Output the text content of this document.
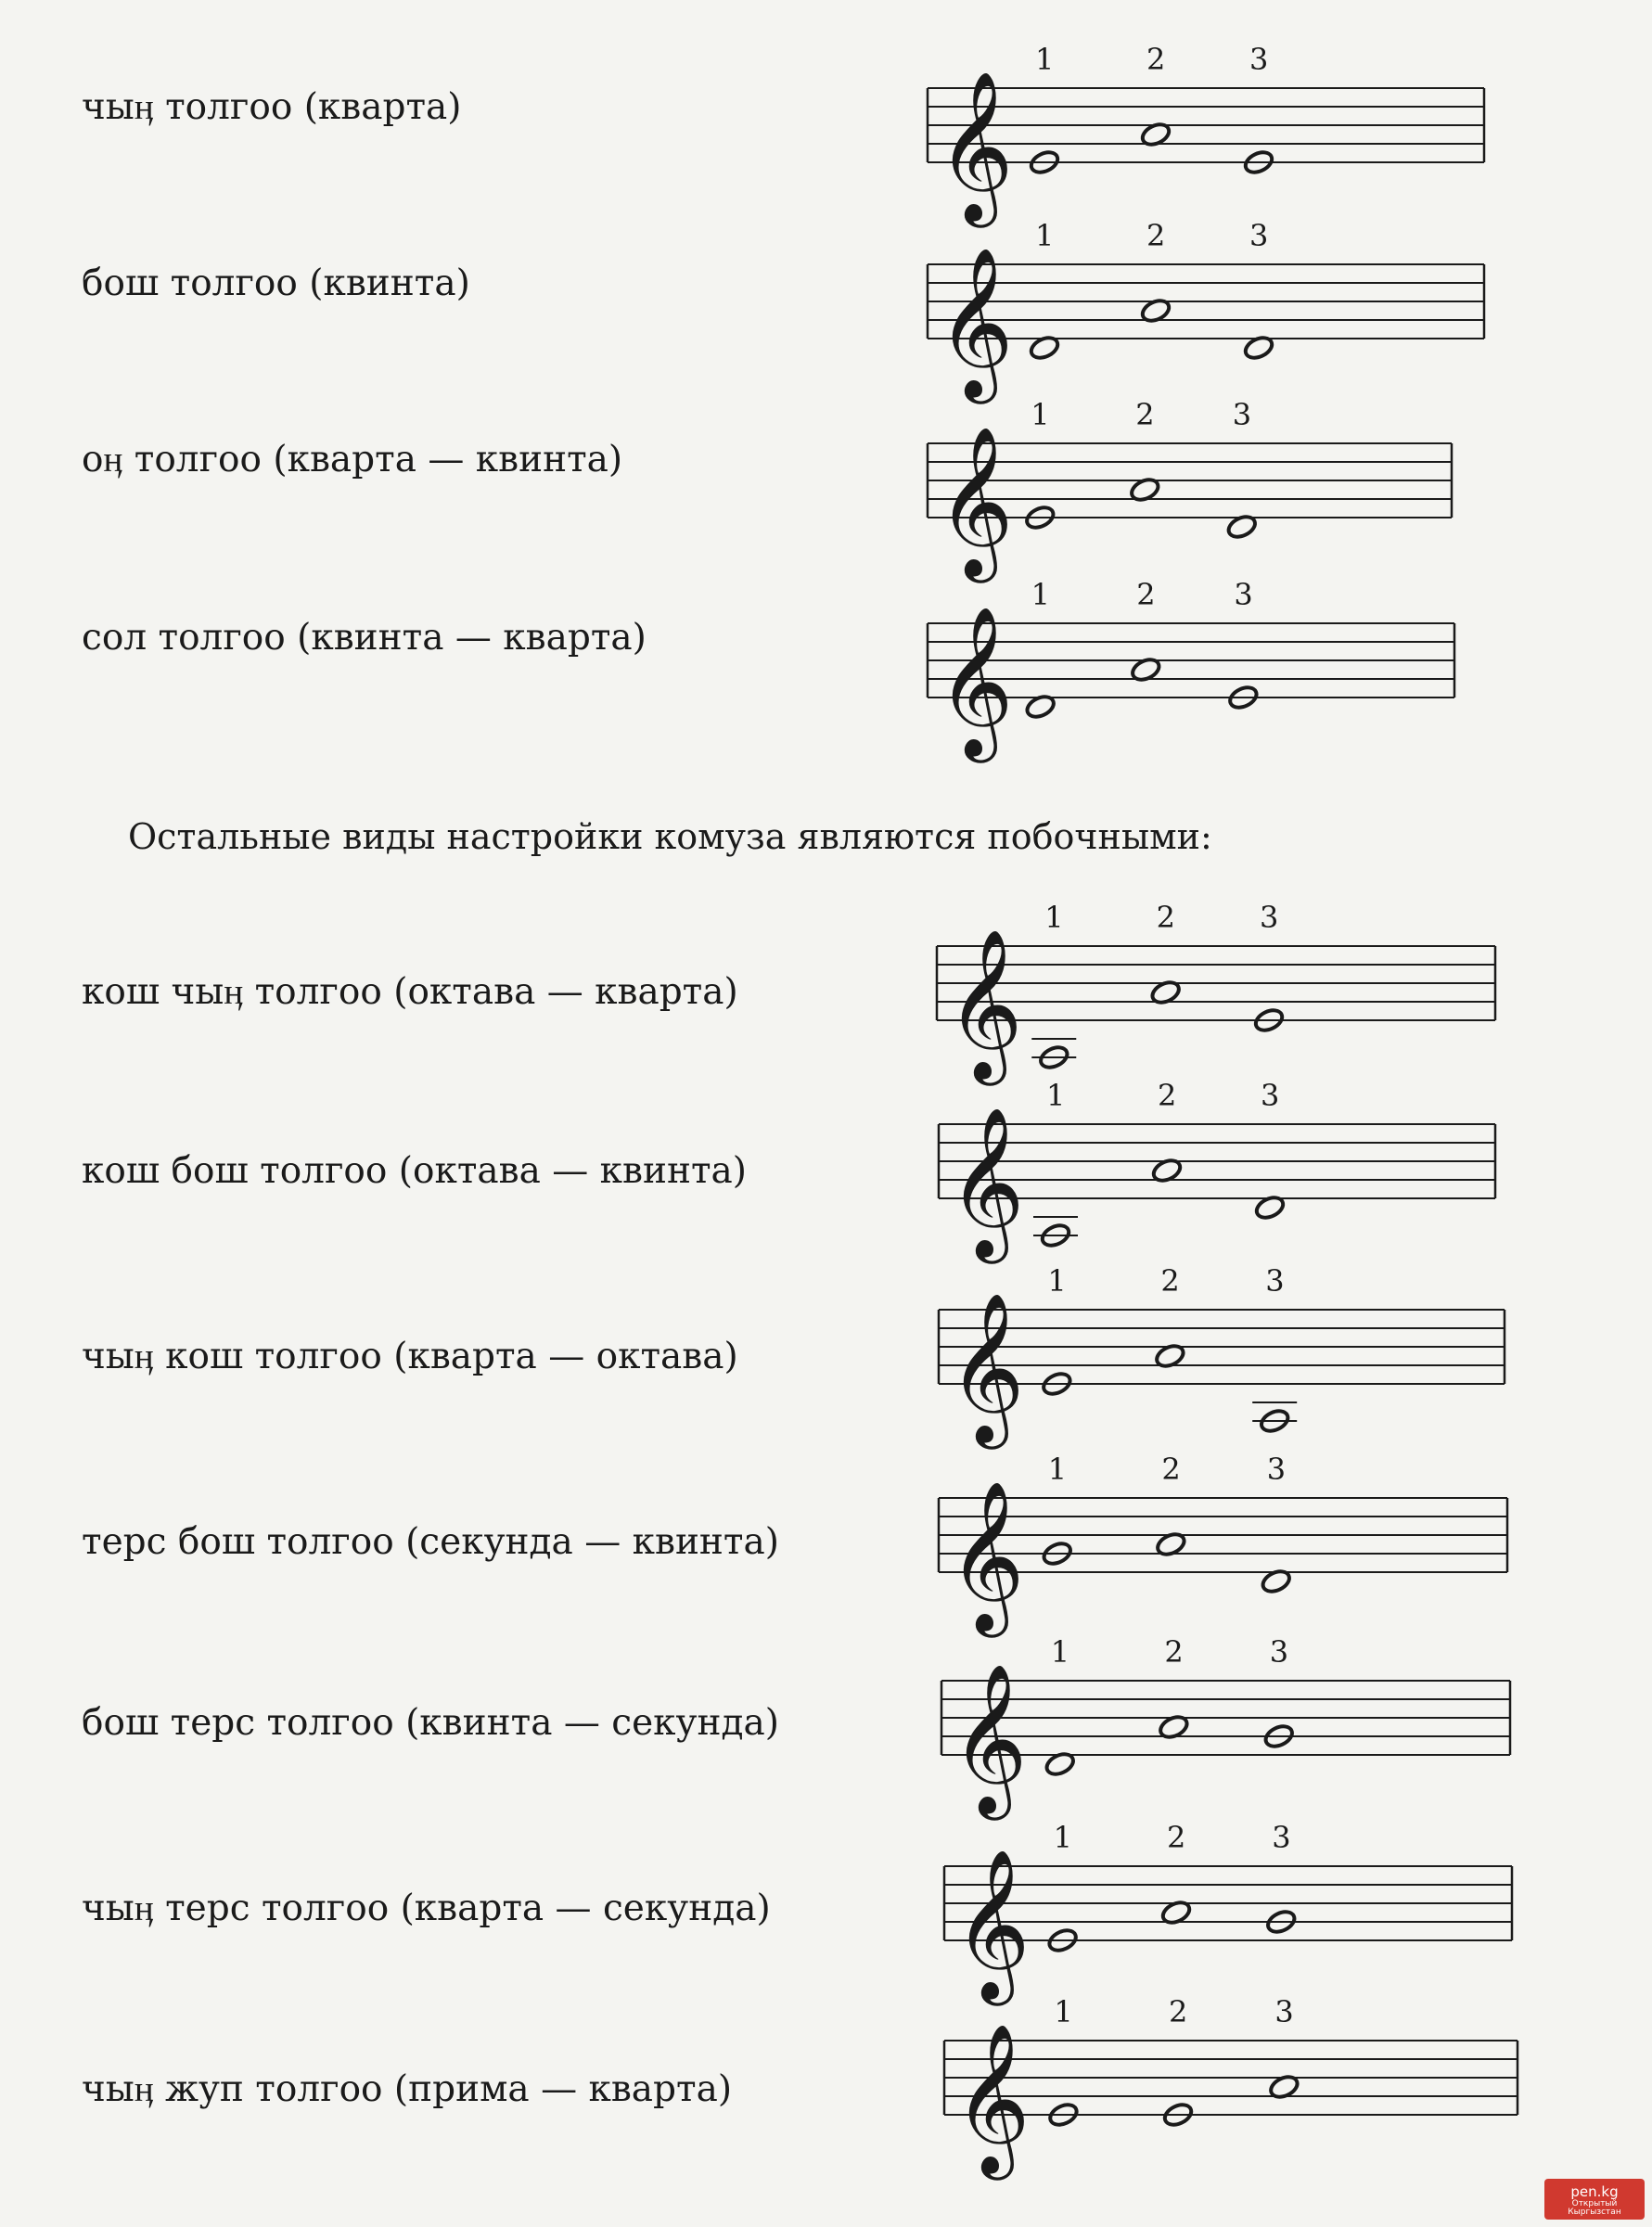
Остальные виды настройки комуза являются побочными:
чыӊ толгоо (кварта)
бош толгоо (квинта)
оӊ толгоо (кварта — квинта)
сол толгоо (квинта — кварта)
кош чыӊ толгоо (октава — кварта)
кош бош толгоо (октава — квинта)
чыӊ кош толгоо (кварта — октава)
терс бош толгоо (секунда — квинта)
бош терс толгоо (квинта — секунда)
чыӊ терс толгоо (кварта — секунда)
чыӊ жуп толгоо (прима — кварта)
𝄞
1	2	3
𝄞
1	2	3
𝄞
1	2	3
𝄞
1	2	3
𝄞
1	2	3
𝄞
1	2	3
𝄞
1	2	3
𝄞
1	2	3
𝄞
1	2	3
𝄞
1	2	3
𝄞
1	2	3
pen.kg
Открытый Кыргызстан
